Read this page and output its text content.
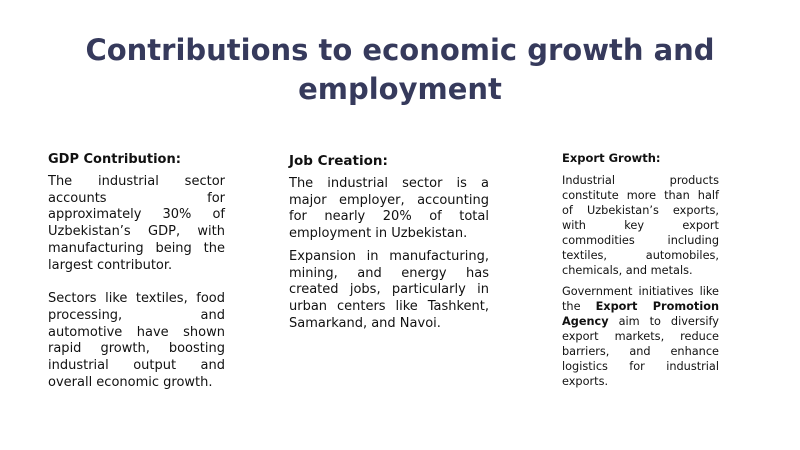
Contributions to economic growth and employment
GDP Contribution:

The industrial sector accounts for approximately 30% of Uzbekistan’s GDP, with manufacturing being the largest contributor.

Sectors like textiles, food processing, and automotive have shown rapid growth, boosting industrial output and overall economic growth.

Job Creation:

The industrial sector is a major employer, accounting for nearly 20% of total employment in Uzbekistan.

Expansion in manufacturing, mining, and energy has created jobs, particularly in urban centers like Tashkent, Samarkand, and Navoi.

Export Growth:

Industrial products constitute more than half of Uzbekistan’s exports, with key export commodities including textiles, automobiles, chemicals, and metals.

Government initiatives like the Export Promotion Agency aim to diversify export markets, reduce barriers, and enhance logistics for industrial exports.
